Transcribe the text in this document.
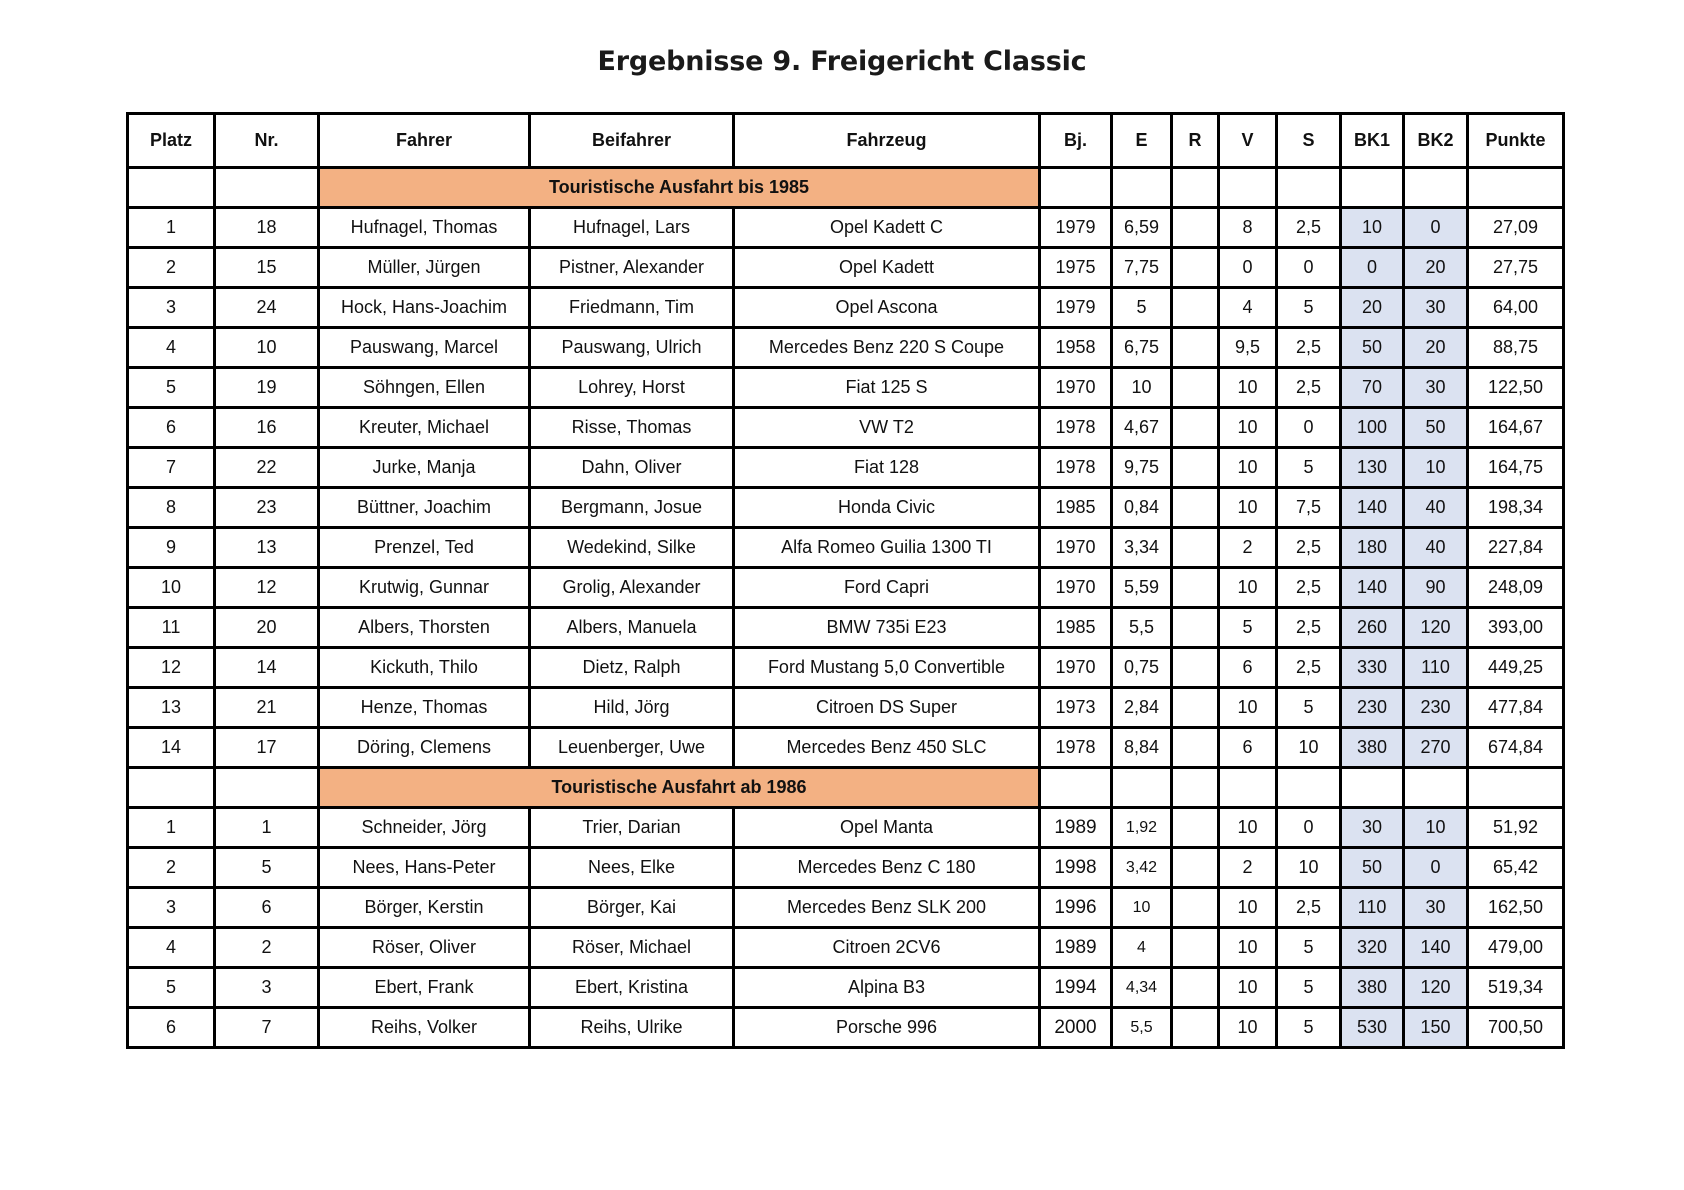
Ergebnisse 9. Freigericht Classic
Platz	Nr.	Fahrer	Beifahrer	Fahrzeug	Bj.	E	R	V	S	BK1	BK2	Punkte
		Touristische Ausfahrt bis 1985										
1	18	Hufnagel, Thomas	Hufnagel, Lars	Opel Kadett C	1979	6,59		8	2,5	10	0	27,09
2	15	Müller, Jürgen	Pistner, Alexander	Opel Kadett	1975	7,75		0	0	0	20	27,75
3	24	Hock, Hans-Joachim	Friedmann, Tim	Opel Ascona	1979	5		4	5	20	30	64,00
4	10	Pauswang, Marcel	Pauswang, Ulrich	Mercedes Benz 220 S Coupe	1958	6,75		9,5	2,5	50	20	88,75
5	19	Söhngen, Ellen	Lohrey, Horst	Fiat 125 S	1970	10		10	2,5	70	30	122,50
6	16	Kreuter, Michael	Risse, Thomas	VW T2	1978	4,67		10	0	100	50	164,67
7	22	Jurke, Manja	Dahn, Oliver	Fiat 128	1978	9,75		10	5	130	10	164,75
8	23	Büttner, Joachim	Bergmann, Josue	Honda Civic	1985	0,84		10	7,5	140	40	198,34
9	13	Prenzel, Ted	Wedekind, Silke	Alfa Romeo Guilia 1300 TI	1970	3,34		2	2,5	180	40	227,84
10	12	Krutwig, Gunnar	Grolig, Alexander	Ford Capri	1970	5,59		10	2,5	140	90	248,09
11	20	Albers, Thorsten	Albers, Manuela	BMW 735i E23	1985	5,5		5	2,5	260	120	393,00
12	14	Kickuth, Thilo	Dietz, Ralph	Ford Mustang 5,0 Convertible	1970	0,75		6	2,5	330	110	449,25
13	21	Henze, Thomas	Hild, Jörg	Citroen DS Super	1973	2,84		10	5	230	230	477,84
14	17	Döring, Clemens	Leuenberger, Uwe	Mercedes Benz 450 SLC	1978	8,84		6	10	380	270	674,84
		Touristische Ausfahrt ab 1986										
1	1	Schneider, Jörg	Trier, Darian	Opel Manta	1989	1,92		10	0	30	10	51,92
2	5	Nees, Hans-Peter	Nees, Elke	Mercedes Benz C 180	1998	3,42		2	10	50	0	65,42
3	6	Börger, Kerstin	Börger, Kai	Mercedes Benz SLK 200	1996	10		10	2,5	110	30	162,50
4	2	Röser, Oliver	Röser, Michael	Citroen 2CV6	1989	4		10	5	320	140	479,00
5	3	Ebert, Frank	Ebert, Kristina	Alpina B3	1994	4,34		10	5	380	120	519,34
6	7	Reihs, Volker	Reihs, Ulrike	Porsche 996	2000	5,5		10	5	530	150	700,50
